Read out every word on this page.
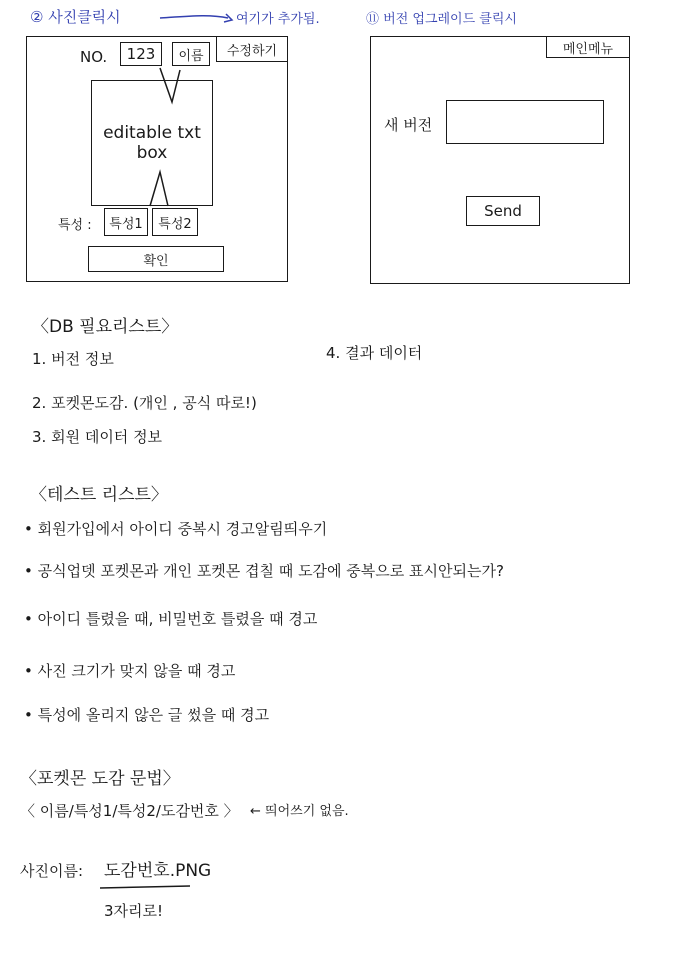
② 사진클릭시	여기가 추가됨.
수정하기
NO.	123	이름
editable txt box
특성 :	특성1	특성2
확인
⑪ 버전 업그레이드 클릭시
메인메뉴
새 버전
Send
〈DB 필요리스트〉
1. 버전 정보
2. 포켓몬도감. (개인 , 공식 따로!)
3. 회원 데이터 정보
4. 결과 데이터
〈테스트 리스트〉
• 회원가입에서 아이디 중복시 경고알림띄우기
• 공식업뎃 포켓몬과 개인 포켓몬 겹칠 때 도감에 중복으로 표시안되는가?
• 아이디 틀렸을 때, 비밀번호 틀렸을 때 경고
• 사진 크기가 맞지 않을 때 경고
• 특성에 올리지 않은 글 썼을 때 경고
〈포켓몬 도감 문법〉
〈 이름/특성1/특성2/도감번호 〉 ← 띄어쓰기 없음.
사진이름: 도감번호.PNG
3자리로!
